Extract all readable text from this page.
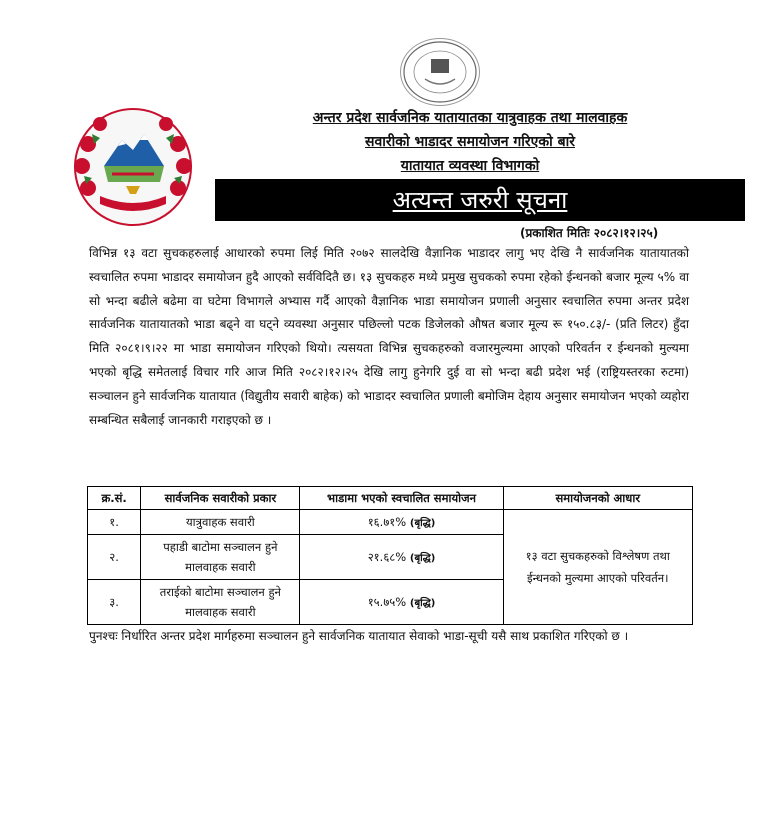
अन्तर प्रदेश सार्वजनिक यातायातका यात्रुवाहक तथा मालवाहक
सवारीको भाडादर समायोजन गरिएको बारे
यातायात व्यवस्था विभागको
अत्यन्त जरुरी सूचना
(प्रकाशित मितिः २०८२।१२।२५)
विभिन्न १३ वटा सुचकहरुलाई आधारको रुपमा लिई मिति २०७२ सालदेखि वैज्ञानिक भाडादर लागु भए देखि नै सार्वजनिक यातायातको स्वचालित रुपमा भाडादर समायोजन हुदै आएको सर्वविदितै छ। १३ सुचकहरु मध्ये प्रमुख सुचकको रुपमा रहेको ईन्धनको बजार मूल्य ५% वा सो भन्दा बढीले बढेमा वा घटेमा विभागले अभ्यास गर्दै आएको वैज्ञानिक भाडा समायोजन प्रणाली अनुसार स्वचालित रुपमा अन्तर प्रदेश सार्वजनिक यातायातको भाडा बढ्ने वा घट्ने व्यवस्था अनुसार पछिल्लो पटक डिजेलको औषत बजार मूल्य रू १५०.८३/- (प्रति लिटर) हुँदा मिति २०८१।९।२२ मा भाडा समायोजन गरिएको थियो। त्यसयता विभिन्न सुचकहरुको वजारमुल्यमा आएको परिवर्तन र ईन्धनको मुल्यमा भएको बृद्धि समेतलाई विचार गरि आज मिति २०८२।१२।२५ देखि लागु हुनेगरि दुई वा सो भन्दा बढी प्रदेश भई (राष्ट्रियस्तरका रुटमा) सञ्चालन हुने सार्वजनिक यातायात (विद्युतीय सवारी बाहेक) को भाडादर स्वचालित प्रणाली बमोजिम देहाय अनुसार समायोजन भएको व्यहोरा सम्बन्धित सबैलाई जानकारी गराइएको छ ।
क्र.सं.	सार्वजनिक सवारीको प्रकार	भाडामा भएको स्वचालित समायोजन	समायोजनको आधार
१.	यात्रुवाहक सवारी	१६.७१% (बृद्धि)	१३ वटा सुचकहरुको विश्लेषण तथा ईन्धनको मुल्यमा आएको परिवर्तन।
२.	पहाडी बाटोमा सञ्चालन हुने मालवाहक सवारी	२१.६८% (बृद्धि)	
३.	तराईको बाटोमा सञ्चालन हुने मालवाहक सवारी	१५.७५% (बृद्धि)	
पुनश्चः निर्धारित अन्तर प्रदेश मार्गहरुमा सञ्चालन हुने सार्वजनिक यातायात सेवाको भाडा-सूची यसै साथ प्रकाशित गरिएको छ ।
